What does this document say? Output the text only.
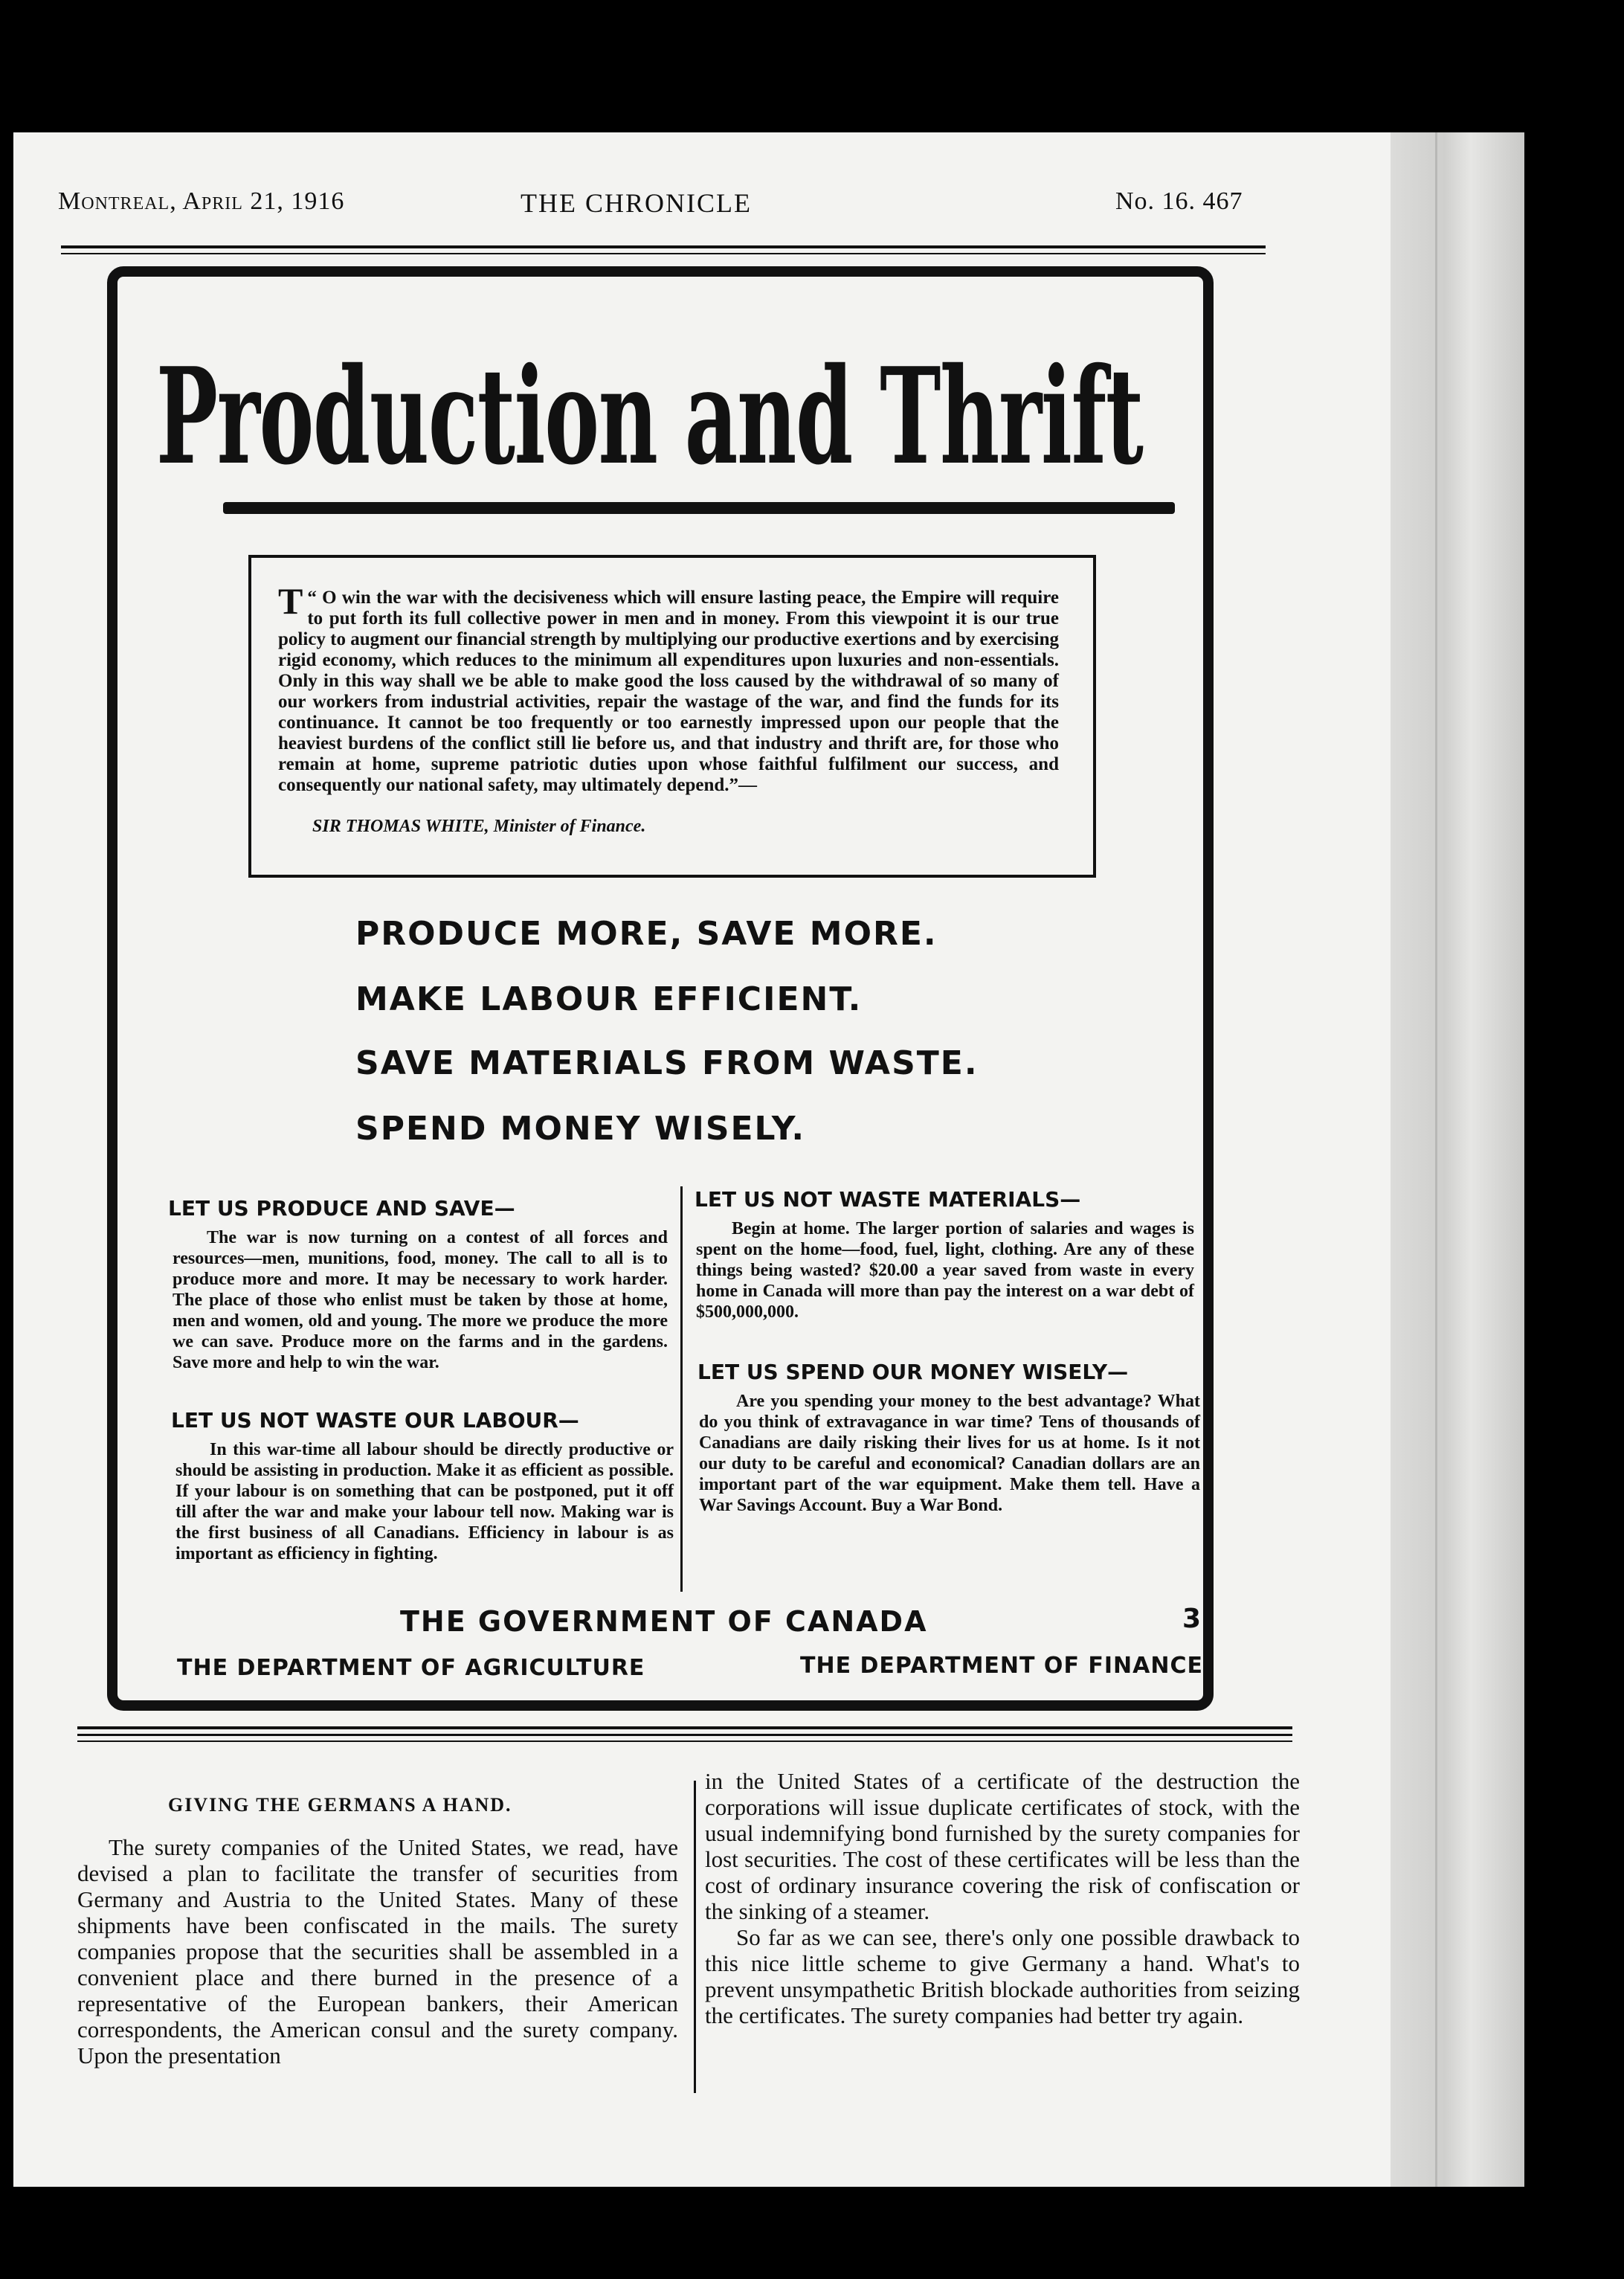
Montreal, April 21, 1916	THE CHRONICLE	No. 16. 467
Production and Thrift
T “ O win the war with the decisiveness which will ensure lasting peace, the Empire will require to put forth its full collective power in men and in money. From this viewpoint it is our true policy to augment our financial strength by multiplying our productive exertions and by exercising rigid economy, which reduces to the minimum all expenditures upon luxuries and non-essentials. Only in this way shall we be able to make good the loss caused by the withdrawal of so many of our workers from industrial activities, repair the wastage of the war, and find the funds for its continuance. It cannot be too frequently or too earnestly impressed upon our people that the heaviest burdens of the conflict still lie before us, and that industry and thrift are, for those who remain at home, supreme patriotic duties upon whose faithful fulfilment our success, and consequently our national safety, may ultimately depend.”—
SIR THOMAS WHITE, Minister of Finance.
PRODUCE MORE, SAVE MORE.
MAKE LABOUR EFFICIENT.
SAVE MATERIALS FROM WASTE.
SPEND MONEY WISELY.
LET US PRODUCE AND SAVE—
The war is now turning on a contest of all forces and resources—men, munitions, food, money. The call to all is to produce more and more. It may be necessary to work harder. The place of those who enlist must be taken by those at home, men and women, old and young. The more we produce the more we can save. Produce more on the farms and in the gardens. Save more and help to win the war.
LET US NOT WASTE OUR LABOUR—
In this war-time all labour should be directly productive or should be assisting in production. Make it as efficient as possible. If your labour is on something that can be postponed, put it off till after the war and make your labour tell now. Making war is the first business of all Canadians. Efficiency in labour is as important as efficiency in fighting.
LET US NOT WASTE MATERIALS—
Begin at home. The larger portion of salaries and wages is spent on the home—food, fuel, light, clothing. Are any of these things being wasted? $20.00 a year saved from waste in every home in Canada will more than pay the interest on a war debt of $500,000,000.
LET US SPEND OUR MONEY WISELY—
Are you spending your money to the best advantage? What do you think of extravagance in war time? Tens of thousands of Canadians are daily risking their lives for us at home. Is it not our duty to be careful and economical? Canadian dollars are an important part of the war equipment. Make them tell. Have a War Savings Account. Buy a War Bond.
THE GOVERNMENT OF CANADA	3
THE DEPARTMENT OF AGRICULTURE	THE DEPARTMENT OF FINANCE
GIVING THE GERMANS A HAND.

The surety companies of the United States, we read, have devised a plan to facilitate the transfer of securities from Germany and Austria to the United States. Many of these shipments have been confiscated in the mails. The surety companies propose that the securities shall be assembled in a convenient place and there burned in the presence of a representative of the European bankers, their American correspondents, the American consul and the surety company. Upon the presentation

in the United States of a certificate of the destruction the corporations will issue duplicate certificates of stock, with the usual indemnifying bond furnished by the surety companies for lost securities. The cost of these certificates will be less than the cost of ordinary insurance covering the risk of confiscation or the sinking of a steamer.

So far as we can see, there's only one possible drawback to this nice little scheme to give Germany a hand. What's to prevent unsympathetic British blockade authorities from seizing the certificates. The surety companies had better try again.
